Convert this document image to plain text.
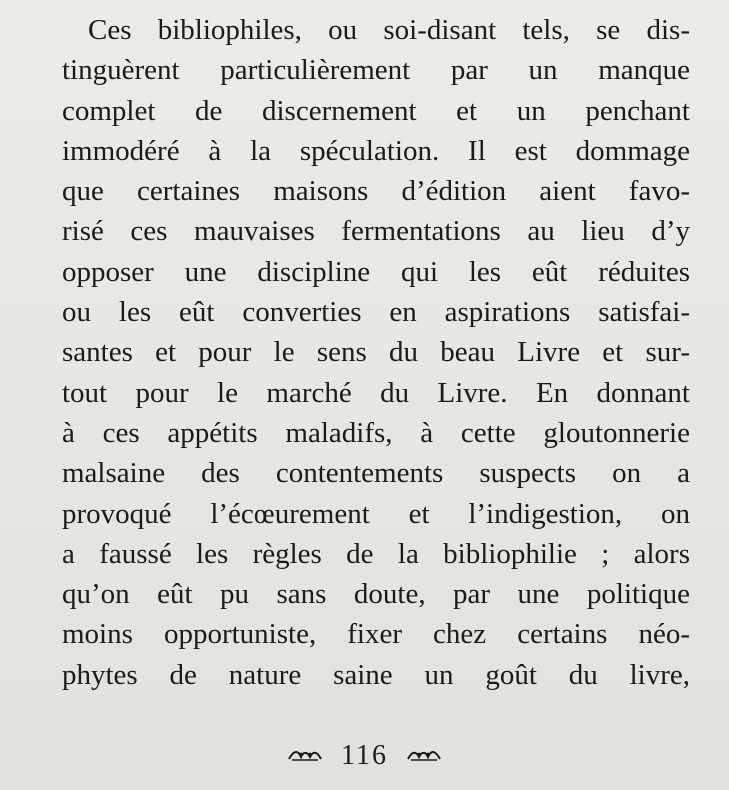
Ces bibliophiles, ou soi-disant tels, se dis-
tinguèrent particulièrement par un manque
complet de discernement et un penchant
immodéré à la spéculation. Il est dommage
que certaines maisons d’édition aient favo-
risé ces mauvaises fermentations au lieu d’y
opposer une discipline qui les eût réduites
ou les eût converties en aspirations satisfai-
santes et pour le sens du beau Livre et sur-
tout pour le marché du Livre. En donnant
à ces appétits maladifs, à cette gloutonnerie
malsaine des contentements suspects on a
provoqué l’écœurement et l’indigestion, on
a faussé les règles de la bibliophilie ; alors
qu’on eût pu sans doute, par une politique
moins opportuniste, fixer chez certains néo-
phytes de nature saine un goût du livre,
116
